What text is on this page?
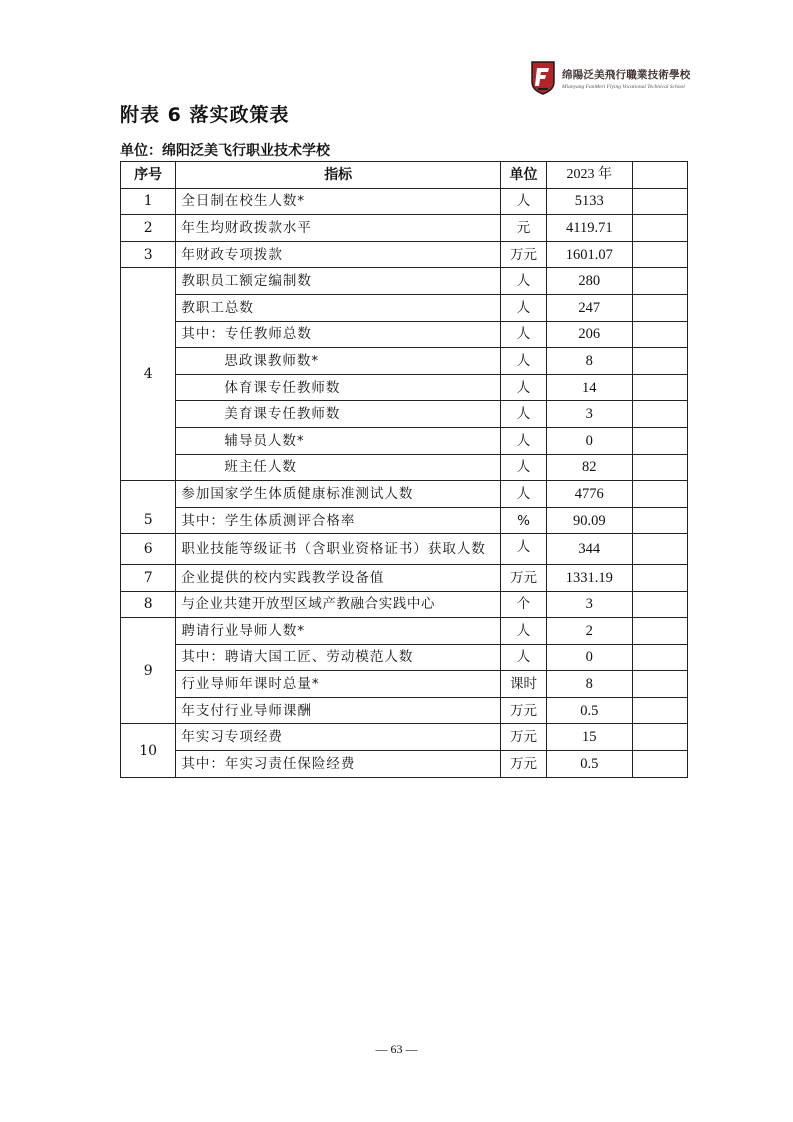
绵陽泛美飛行職業技術學校
Mianyang FanMeri Flying Vocational Technical School
附表 6 落实政策表
单位：绵阳泛美飞行职业技术学校
序号	指标	单位	2023 年	
1	全日制在校生人数*	人	5133	
2	年生均财政拨款水平	元	4119.71	
3	年财政专项拨款	万元	1601.07	
4	教职员工额定编制数	人	280	
	教职工总数	人	247	
	其中：专任教师总数	人	206	
	思政课教师数*	人	8	
	体育课专任教师数	人	14	
	美育课专任教师数	人	3	
	辅导员人数*	人	0	
	班主任人数	人	82	
5	参加国家学生体质健康标准测试人数	人	4776	
	其中：学生体质测评合格率	%	90.09	
6	职业技能等级证书（含职业资格证书）获取人数	人	344	
7	企业提供的校内实践教学设备值	万元	1331.19	
8	与企业共建开放型区域产教融合实践中心	个	3	
9	聘请行业导师人数*	人	2	
	其中：聘请大国工匠、劳动模范人数	人	0	
	行业导师年课时总量*	课时	8	
	年支付行业导师课酬	万元	0.5	
10	年实习专项经费	万元	15	
	其中：年实习责任保险经费	万元	0.5	
— 63 —
